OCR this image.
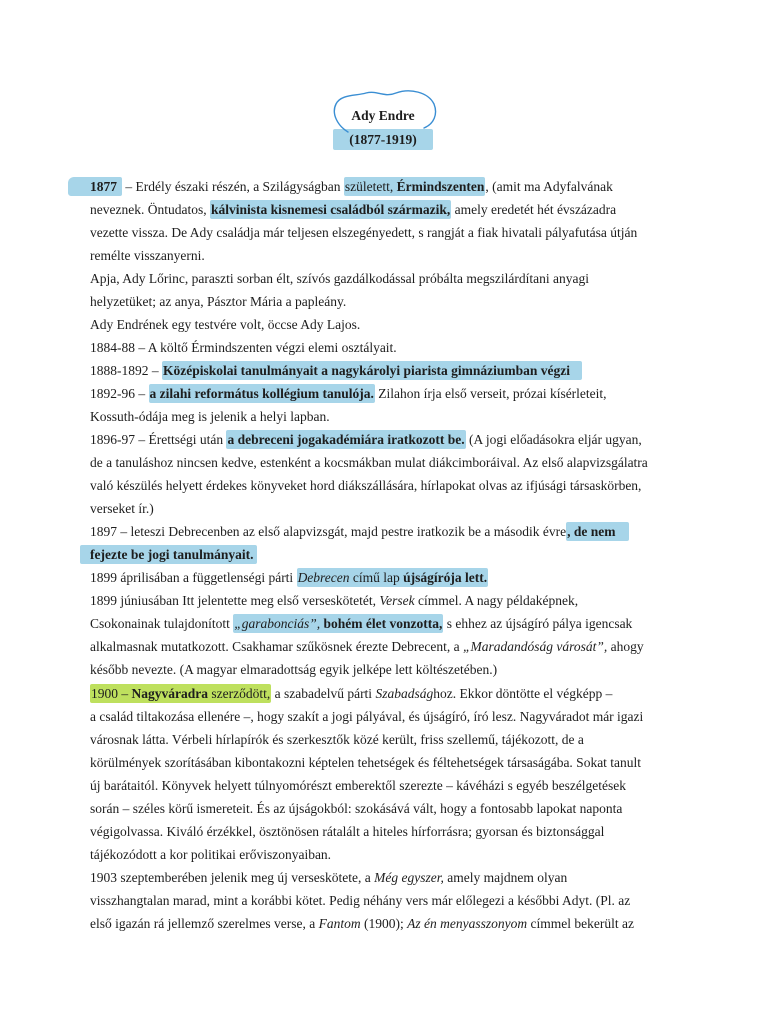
Ady Endre
(1877-1919)
1877 – Erdély északi részén, a Szilágyságban született, Érmindszenten, (amit ma Adyfalvának
neveznek. Öntudatos, kálvinista kisnemesi családból származik, amely eredetét hét évszázadra
vezette vissza. De Ady családja már teljesen elszegényedett, s rangját a fiak hivatali pályafutása útján
remélte visszanyerni.
Apja, Ady Lőrinc, paraszti sorban élt, szívós gazdálkodással próbálta megszilárdítani anyagi
helyzetüket; az anya, Pásztor Mária a papleány.
Ady Endrének egy testvére volt, öccse Ady Lajos.
1884-88 – A költő Érmindszenten végzi elemi osztályait.
1888-1892 – Középiskolai tanulmányait a nagykárolyi piarista gimnáziumban végzi
1892-96 – a zilahi református kollégium tanulója. Zilahon írja első verseit, prózai kísérleteit,
Kossuth-ódája meg is jelenik a helyi lapban.
1896-97 – Érettségi után a debreceni jogakadémiára iratkozott be. (A jogi előadásokra eljár ugyan,
de a tanuláshoz nincsen kedve, estenként a kocsmákban mulat diákcimboráival. Az első alapvizsgálatra
való készülés helyett érdekes könyveket hord diákszállására, hírlapokat olvas az ifjúsági társaskörben,
verseket ír.)
1897 – leteszi Debrecenben az első alapvizsgát, majd pestre iratkozik be a második évre, de nem
fejezte be jogi tanulmányait.
1899 áprilisában a függetlenségi párti Debrecen című lap újságírója lett.
1899 júniusában Itt jelentette meg első verseskötetét, Versek címmel. A nagy példaképnek,
Csokonainak tulajdonított „garabonciás”, bohém élet vonzotta, s ehhez az újságíró pálya igencsak
alkalmasnak mutatkozott. Csakhamar szűkösnek érezte Debrecent, a „Maradandóság városát”, ahogy
később nevezte. (A magyar elmaradottság egyik jelképe lett költészetében.)
1900 – Nagyváradra szerződött, a szabadelvű párti Szabadsághoz. Ekkor döntötte el végképp –
a család tiltakozása ellenére –, hogy szakít a jogi pályával, és újságíró, író lesz. Nagyváradot már igazi
városnak látta. Vérbeli hírlapírók és szerkesztők közé került, friss szellemű, tájékozott, de a
körülmények szorításában kibontakozni képtelen tehetségek és féltehetségek társaságába. Sokat tanult
új barátaitól. Könyvek helyett túlnyomórészt emberektől szerezte – kávéházi s egyéb beszélgetések
során – széles körű ismereteit. És az újságokból: szokásává vált, hogy a fontosabb lapokat naponta
végigolvassa. Kiváló érzékkel, ösztönösen rátalált a hiteles hírforrásra; gyorsan és biztonsággal
tájékozódott a kor politikai erőviszonyaiban.
1903 szeptemberében jelenik meg új verseskötete, a Még egyszer, amely majdnem olyan
visszhangtalan marad, mint a korábbi kötet. Pedig néhány vers már előlegezi a későbbi Adyt. (Pl. az
első igazán rá jellemző szerelmes verse, a Fantom (1900); Az én menyasszonyom címmel bekerült az
